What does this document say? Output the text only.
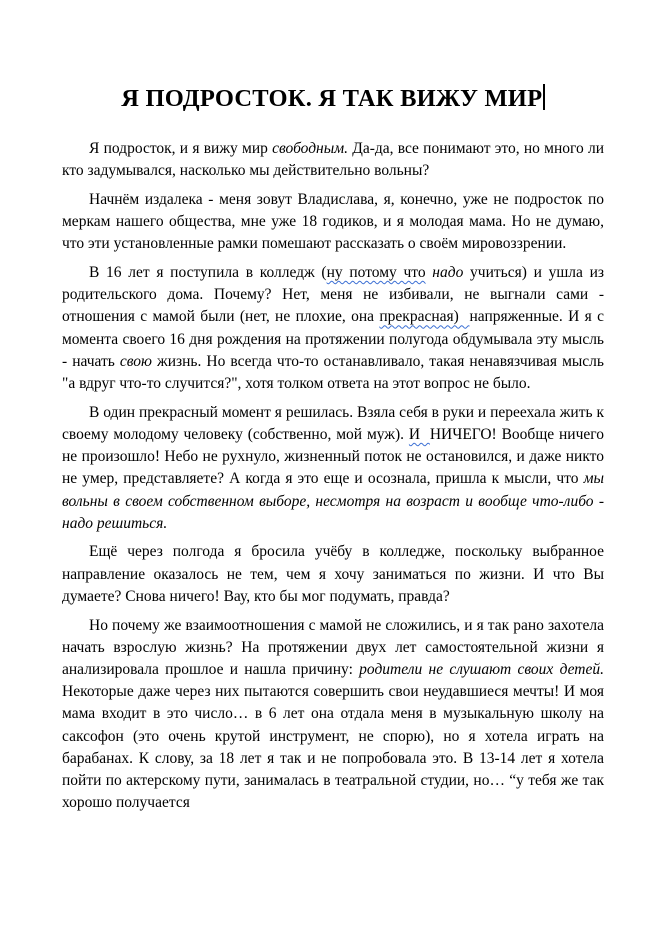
Я ПОДРОСТОК. Я ТАК ВИЖУ МИР

Я подросток, и я вижу мир свободным. Да-да, все понимают это, но много ли кто задумывался, насколько мы действительно вольны?

Начнём издалека - меня зовут Владислава, я, конечно, уже не подросток по меркам нашего общества, мне уже 18 годиков, и я молодая мама. Но не думаю, что эти установленные рамки помешают рассказать о своём мировоззрении.

В 16 лет я поступила в колледж (ну потому что надо учиться) и ушла из родительского дома. Почему? Нет, меня не избивали, не выгнали сами - отношения с мамой были (нет, не плохие, она прекрасная)  напряженные. И я с момента своего 16 дня рождения на протяжении полугода обдумывала эту мысль - начать свою жизнь. Но всегда что-то останавливало, такая ненавязчивая мысль "а вдруг что-то случится?", хотя толком ответа на этот вопрос не было.

В один прекрасный момент я решилась. Взяла себя в руки и переехала жить к своему молодому человеку (собственно, мой муж). И  НИЧЕГО! Вообще ничего не произошло! Небо не рухнуло, жизненный поток не остановился, и даже никто не умер, представляете? А когда я это еще и осознала, пришла к мысли, что мы вольны в своем собственном выборе, несмотря на возраст и вообще что-либо - надо решиться.

Ещё через полгода я бросила учёбу в колледже, поскольку выбранное направление оказалось не тем, чем я хочу заниматься по жизни. И что Вы думаете? Снова ничего! Вау, кто бы мог подумать, правда?

Но почему же взаимоотношения с мамой не сложились, и я так рано захотела начать взрослую жизнь? На протяжении двух лет самостоятельной жизни я анализировала прошлое и нашла причину: родители не слушают своих детей. Некоторые даже через них пытаются совершить свои неудавшиеся мечты! И моя мама входит в это число… в 6 лет она отдала меня в музыкальную школу на саксофон (это очень крутой инструмент, не спорю), но я хотела играть на барабанах. К слову, за 18 лет я так и не попробовала это. В 13-14 лет я хотела пойти по актерскому пути, занималась в театральной студии, но… “у тебя же так хорошо получается
